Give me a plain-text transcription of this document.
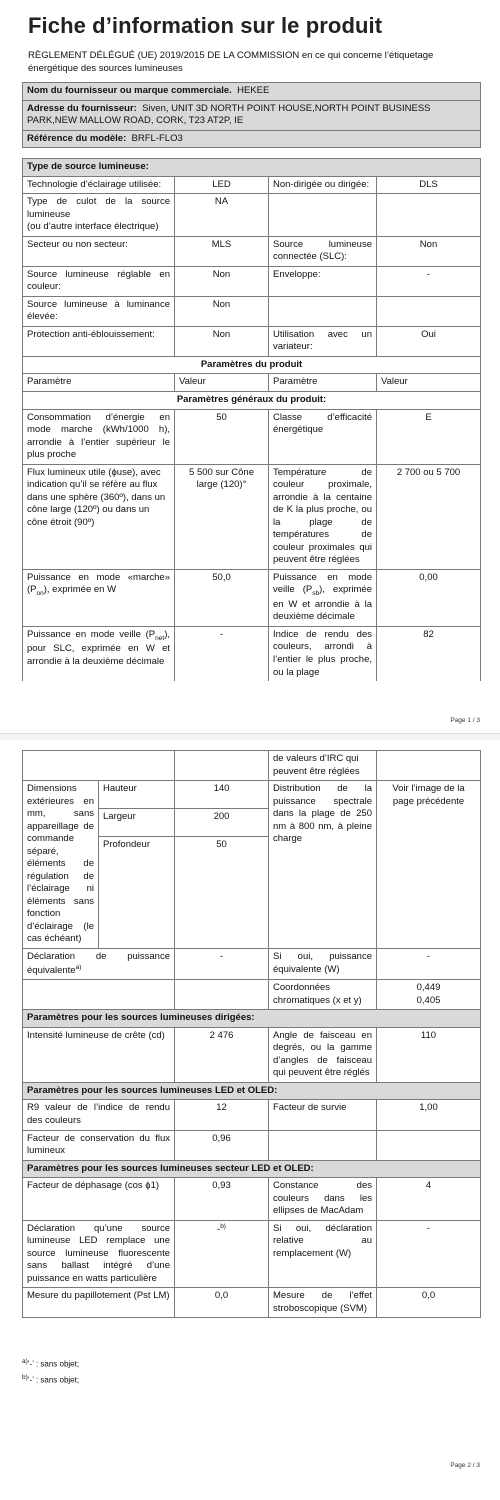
Fiche d’information sur le produit
RÈGLEMENT DÉLÉGUÉ (UE) 2019/2015 DE LA COMMISSION en ce qui concerne l’étiquetage énergétique des sources lumineuses
Nom du fournisseur ou marque commerciale. HEKEE
Adresse du fournisseur: Siven, UNIT 3D NORTH POINT HOUSE,NORTH POINT BUSINESS PARK,NEW MALLOW ROAD, CORK, T23 AT2P, IE
Référence du modèle: BRFL-FLO3
Type de source lumineuse:			
Technologie d’éclairage utilisée:	LED	Non-dirigée ou dirigée:	DLS

Type de culot de la source lumineuse
(ou d’autre interface électrique)	NA		
Secteur ou non secteur:	MLS	Source lumineuse connectée (SLC):	Non
Source lumineuse réglable en couleur:	Non	Enveloppe:	-
Source lumineuse à luminance élevée:	Non		
Protection anti-éblouissement:	Non	Utilisation avec un variateur:	Oui
Paramètres du produit			
Paramètre	Valeur	Paramètre	Valeur
Paramètres généraux du produit:			
Consommation d’énergie en mode marche (kWh/1000 h), arrondie à l’entier supérieur le plus proche	50	Classe d’efficacité énergétique	E
Flux lumineux utile (ϕuse), avec indication qu’il se réfère au flux dans une sphère (360º), dans un cône large (120º) ou dans un cône étroit (90º)	5 500 sur Cône large (120)°	Température de couleur proximale, arrondie à la centaine de K la plus proche, ou la plage de températures de couleur proximales qui peuvent être réglées	2 700 ou 5 700
Puissance en mode «marche» $(P_{on})$, exprimée en W	50,0	Puissance en mode veille $(P_{sb})$, exprimée en W et arrondie à la deuxième décimale	0,00
Puissance en mode veille $(P_{net})$, pour SLC, exprimée en W et arrondie à la deuxième décimale	-	Indice de rendu des couleurs, arrondi à l’entier le plus proche, ou la plage	82
Page 1 / 3
			de valeurs d’IRC qui peuvent être réglées	
Dimensions extérieures en mm, sans appareillage de commande séparé, éléments de régulation de l’éclairage ni éléments sans fonction d’éclairage (le cas échéant)	Hauteur	140	Distribution de la puissance spectrale dans la plage de 250 nm à 800 nm, à pleine charge	Voir l’image de la page précédente
	Largeur	200		
	Profondeur	50		
Déclaration de puissance équivalente$^{a)}$		-	Si oui, puissance équivalente (W)	-
			Coordonnées chromatiques (x et y)	0,449
0,405

Paramètres pour les sources lumineuses dirigées:				
Intensité lumineuse de crête (cd)		2 476	Angle de faisceau en degrés, ou la gamme d’angles de faisceau qui peuvent être réglés	110
Paramètres pour les sources lumineuses LED et OLED:				
R9 valeur de l’indice de rendu des couleurs		12	Facteur de survie	1,00
Facteur de conservation du flux lumineux		0,96		
Paramètres pour les sources lumineuses secteur LED et OLED:				
Facteur de déphasage (cos ϕ1)		0,93	Constance des couleurs dans les ellipses de MacAdam	4
Déclaration qu’une source lumineuse LED remplace une source lumineuse fluorescente sans ballast intégré d’une puissance en watts particulière		-$^{b)}$	Si oui, déclaration relative au remplacement (W)	-
Mesure du papillotement (Pst LM)		0,0	Mesure de l’effet stroboscopique (SVM)	0,0
$^{a)}$‘-’ : sans objet;
$^{b)}$‘-’ : sans objet;
Page 2 / 3
